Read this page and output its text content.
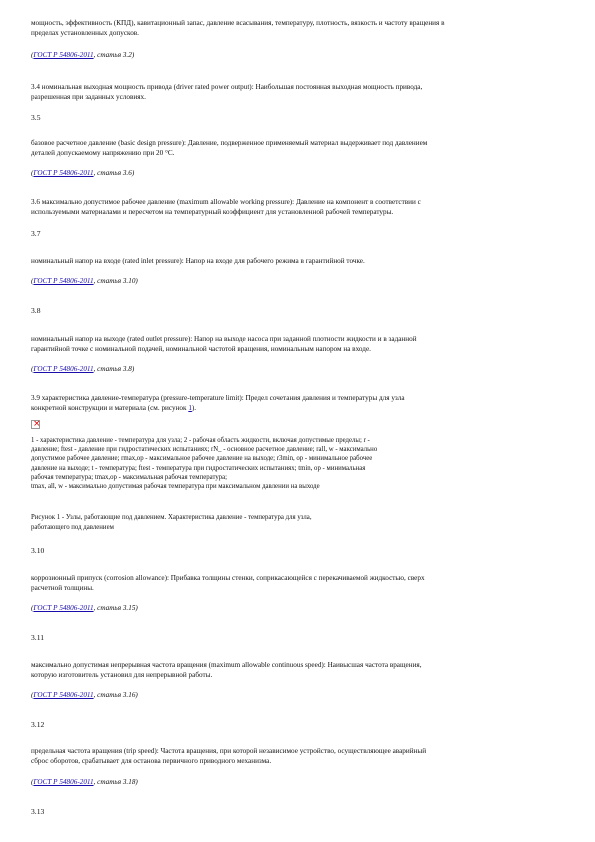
мощность, эффективность (КПД), кавитационный запас, давление всасывания, температуру, плотность, вязкость и частоту вращения в

пределах установленных допусков.

(ГОСТ Р 54806-2011, статья 3.2)

3.4 номинальная выходная мощность привода (driver rated power output): Наибольшая постоянная выходная мощность привода,

разрешенная при заданных условиях.

3.5

базовое расчетное давление (basic design pressure): Давление, подверженное применяемый материал выдерживает под давлением

деталей допускаемому напряжению при 20 °С.

(ГОСТ Р 54806-2011, статья 3.6)

3.6 максимально допустимое рабочее давление (maximum allowable working pressure): Давление на компонент в соответствии с

используемыми материалами и пересчетом на температурный коэффициент для установленной рабочей температуры.

3.7
номинальный напор на входе (rated inlet pressure): Напор на входе для рабочего режима в гарантийной точке.
(ГОСТ Р 54806-2011, статья 3.10)
3.8

номинальный напор на выходе (rated outlet pressure): Напор на выходе насоса при заданной плотности жидкости и в заданной

гарантийной точке с номинальной подачей, номинальной частотой вращения, номинальным напором на входе.

(ГОСТ Р 54806-2011, статья 3.8)

3.9 характеристика давление-температура (pressure-temperature limit): Предел сочетания давления и температуры для узла

конкретной конструкции и материала (см. рисунок 1).

×

1 - характеристика давление - температура для узла; 2 - рабочая область жидкости, включая допустимые пределы; r -

давление; ftest - давление при гидростатических испытаниях; rN_ - основное расчетное давление; rall, w - максимально

допустимое рабочее давление; rmax,op - максимальное рабочее давление на выходе; r3min, op - минимальное рабочее

давление на выходе; t - температура; ftest - температура при гидростатических испытаниях; tmin, op - минимальная

рабочая температура; tmax,op - максимальная рабочая температура;

tmax, all, w - максимально допустимая рабочая температура при максимальном давлении на выходе

Рисунок 1 - Узлы, работающие под давлением. Характеристика давление - температура для узла,

работающего под давлением

3.10

коррозионный припуск (corrosion allowance): Прибавка толщины стенки, соприкасающейся с перекачиваемой жидкостью, сверх

расчетной толщины.

(ГОСТ Р 54806-2011, статья 3.15)
3.11

максимально допустимая непрерывная частота вращения (maximum allowable continuous speed): Наивысшая частота вращения,

которую изготовитель установил для непрерывной работы.

(ГОСТ Р 54806-2011, статья 3.16)
3.12

предельная частота вращения (trip speed): Частота вращения, при которой независимое устройство, осуществляющее аварийный

сброс оборотов, срабатывает для останова первичного приводного механизма.

(ГОСТ Р 54806-2011, статья 3.18)
3.13
